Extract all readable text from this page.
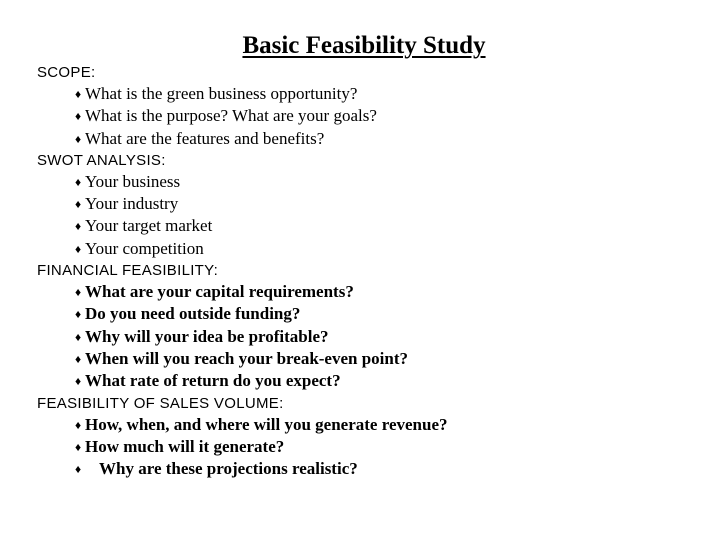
Basic Feasibility Study

SCOPE:

♦ What is the green business opportunity?
♦ What is the purpose? What are your goals?
♦ What are the features and benefits?

SWOT ANALYSIS:

♦ Your business
♦ Your industry
♦ Your target market
♦ Your competition

FINANCIAL FEASIBILITY:

♦ What are your capital requirements?
♦ Do you need outside funding?
♦ Why will your idea be profitable?
♦ When will you reach your break-even point?
♦ What rate of return do you expect?

FEASIBILITY OF SALES VOLUME:

♦ How, when, and where will you generate revenue?
♦ How much will it generate?
♦ Why are these projections realistic?
